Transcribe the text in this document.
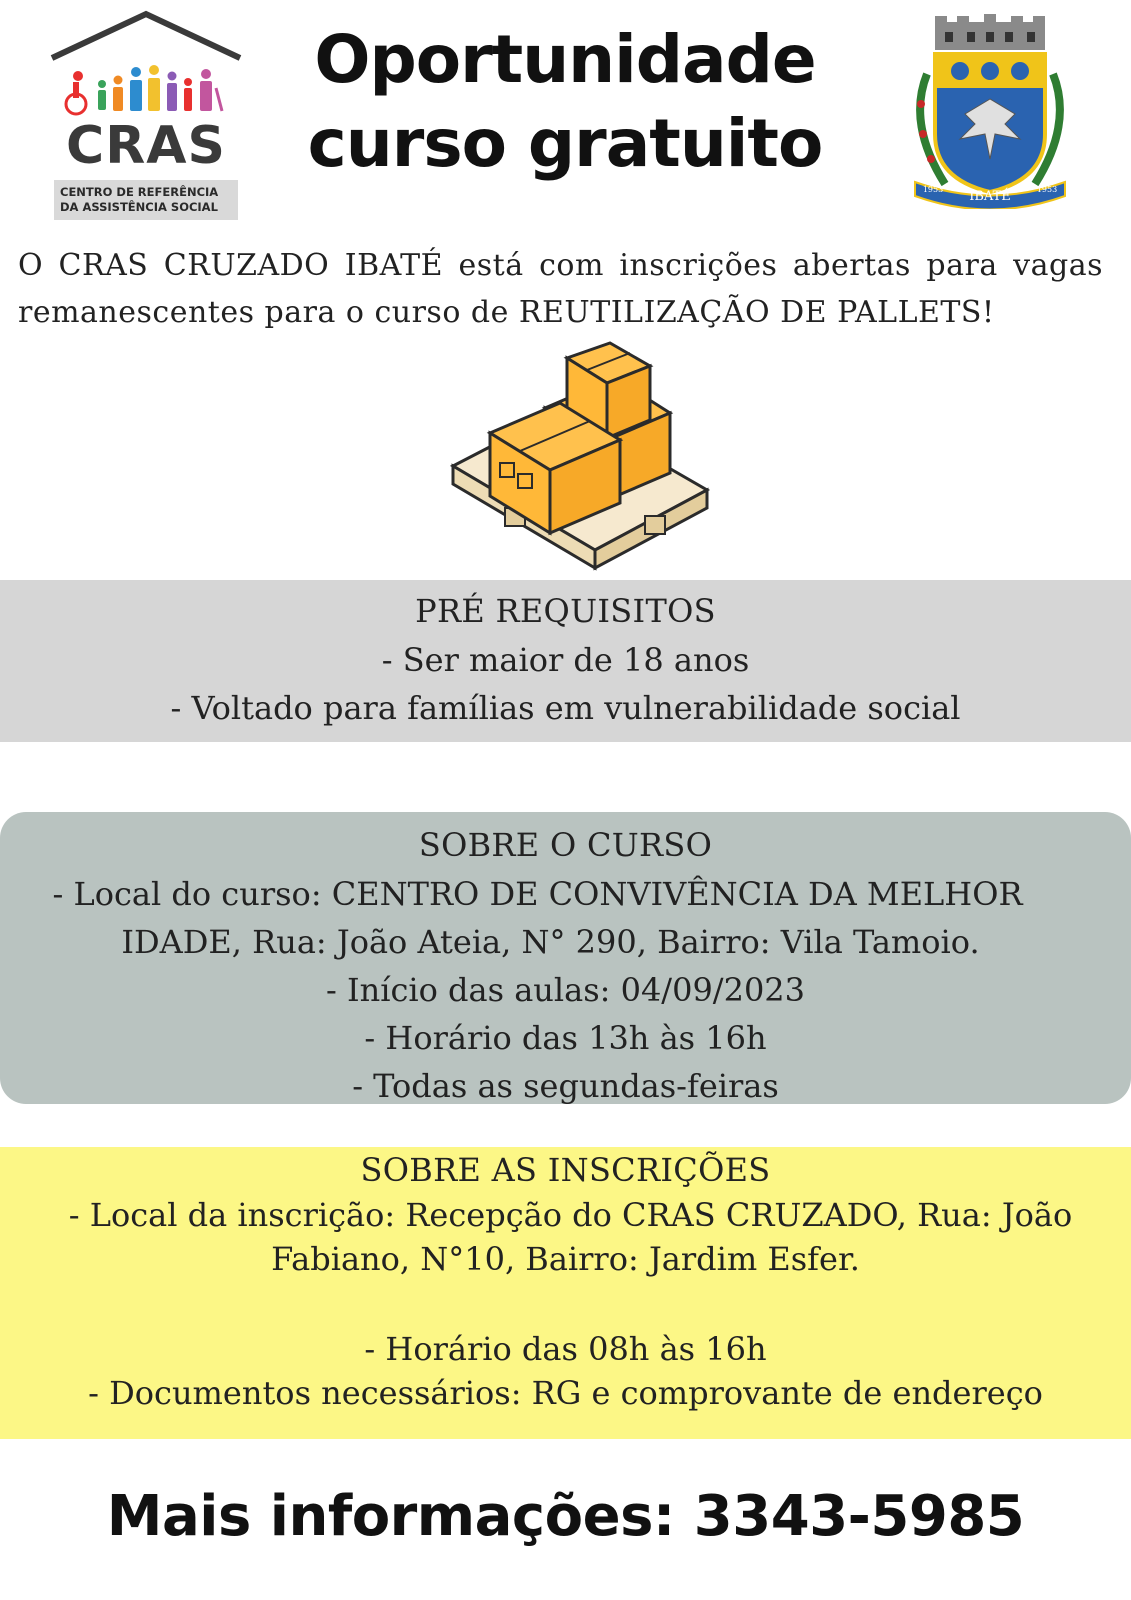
CRAS
CENTRO DE REFERÊNCIA
DA ASSISTÊNCIA SOCIAL
Oportunidade
curso gratuito
IBATÉ
1953	1953
O CRAS CRUZADO IBATÉ está com inscrições abertas para vagas remanescentes para o curso de REUTILIZAÇÃO DE PALLETS!
PRÉ REQUISITOS
- Ser maior de 18 anos
- Voltado para famílias em vulnerabilidade social
SOBRE O CURSO
- Local do curso: CENTRO DE CONVIVÊNCIA DA MELHOR
IDADE, Rua: João Ateia, N° 290, Bairro: Vila Tamoio.
- Início das aulas: 04/09/2023
- Horário das 13h às 16h
- Todas as segundas-feiras
SOBRE AS INSCRIÇÕES
- Local da inscrição: Recepção do CRAS CRUZADO, Rua: João
Fabiano, N°10, Bairro: Jardim Esfer.
- Horário das 08h às 16h
- Documentos necessários: RG e comprovante de endereço
Mais informações: 3343-5985
